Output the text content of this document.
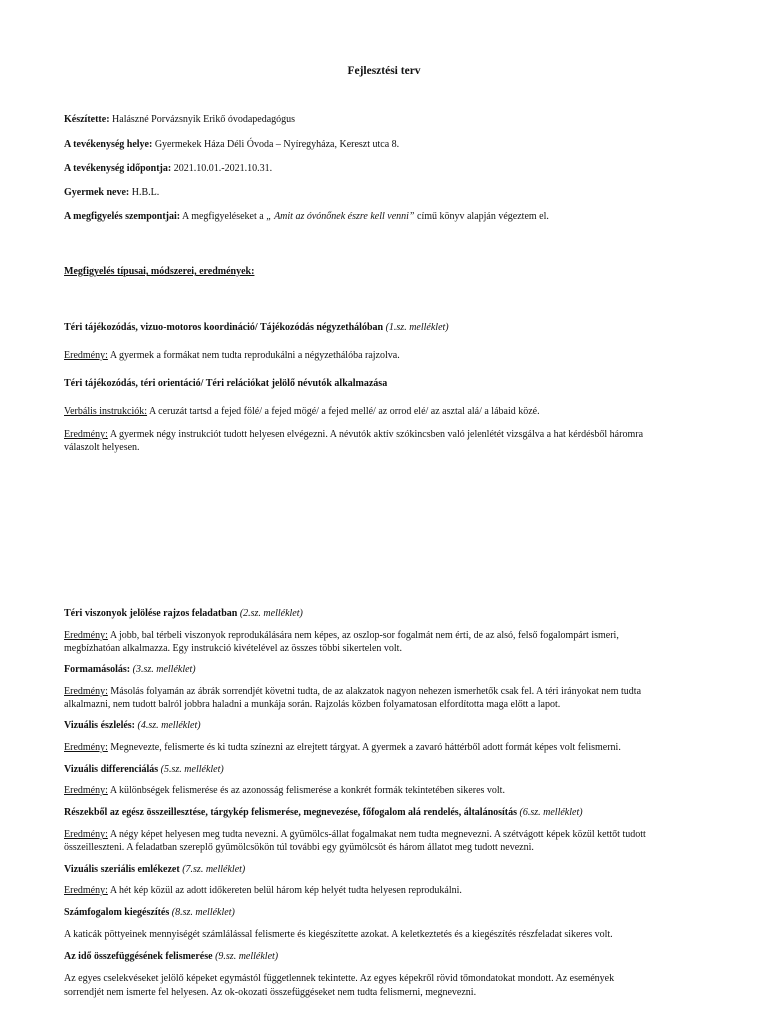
Fejlesztési terv
Készítette: Halászné Porvázsnyik Erikő óvodapedagógus
A tevékenység helye: Gyermekek Háza Déli Óvoda – Nyíregyháza, Kereszt utca 8.
A tevékenység időpontja: 2021.10.01.-2021.10.31.
Gyermek neve: H.B.L.
A megfigyelés szempontjai: A megfigyeléseket a „ Amit az óvónőnek észre kell venni” című könyv alapján végeztem el.
Megfigyelés típusai, módszerei, eredmények:
Téri tájékozódás, vizuo-motoros koordináció/ Tájékozódás négyzethálóban (1.sz. melléklet)
Eredmény: A gyermek a formákat nem tudta reprodukálni a négyzethálóba rajzolva.
Téri tájékozódás, téri orientáció/ Téri relációkat jelölő névutók alkalmazása
Verbális instrukciók: A ceruzát tartsd a fejed fölé/ a fejed mögé/ a fejed mellé/ az orrod elé/ az asztal alá/ a lábaid közé.
Eredmény: A gyermek négy instrukciót tudott helyesen elvégezni. A névutók aktív szókincsben való jelenlétét vizsgálva a hat kérdésből háromra
válaszolt helyesen.
Téri viszonyok jelölése rajzos feladatban (2.sz. melléklet)
Eredmény: A jobb, bal térbeli viszonyok reprodukálására nem képes, az oszlop-sor fogalmát nem érti, de az alsó, felső fogalompárt ismeri,
megbízhatóan alkalmazza. Egy instrukció kivételével az összes többi sikertelen volt.
Formamásolás: (3.sz. melléklet)
Eredmény: Másolás folyamán az ábrák sorrendjét követni tudta, de az alakzatok nagyon nehezen ismerhetők csak fel. A téri irányokat nem tudta
alkalmazni, nem tudott balról jobbra haladni a munkája során. Rajzolás közben folyamatosan elfordította maga előtt a lapot.
Vizuális észlelés: (4.sz. melléklet)
Eredmény: Megnevezte, felismerte és ki tudta színezni az elrejtett tárgyat. A gyermek a zavaró háttérből adott formát képes volt felismerni.
Vizuális differenciálás (5.sz. melléklet)
Eredmény: A különbségek felismerése és az azonosság felismerése a konkrét formák tekintetében sikeres volt.
Részekből az egész összeillesztése, tárgykép felismerése, megnevezése, főfogalom alá rendelés, általánosítás (6.sz. melléklet)
Eredmény: A négy képet helyesen meg tudta nevezni. A gyümölcs-állat fogalmakat nem tudta megnevezni. A szétvágott képek közül kettőt tudott
összeilleszteni. A feladatban szereplő gyümölcsökön túl további egy gyümölcsöt és három állatot meg tudott nevezni.
Vizuális szeriális emlékezet (7.sz. melléklet)
Eredmény: A hét kép közül az adott időkereten belül három kép helyét tudta helyesen reprodukálni.
Számfogalom kiegészítés (8.sz. melléklet)
A katicák pöttyeinek mennyiségét számlálással felismerte és kiegészítette azokat. A keletkeztetés és a kiegészítés részfeladat sikeres volt.
Az idő összefüggésének felismerése (9.sz. melléklet)
Az egyes cselekvéseket jelölő képeket egymástól függetlennek tekintette. Az egyes képekről rövid tőmondatokat mondott. Az események
sorrendjét nem ismerte fel helyesen. Az ok-okozati összefüggéseket nem tudta felismerni, megnevezni.
